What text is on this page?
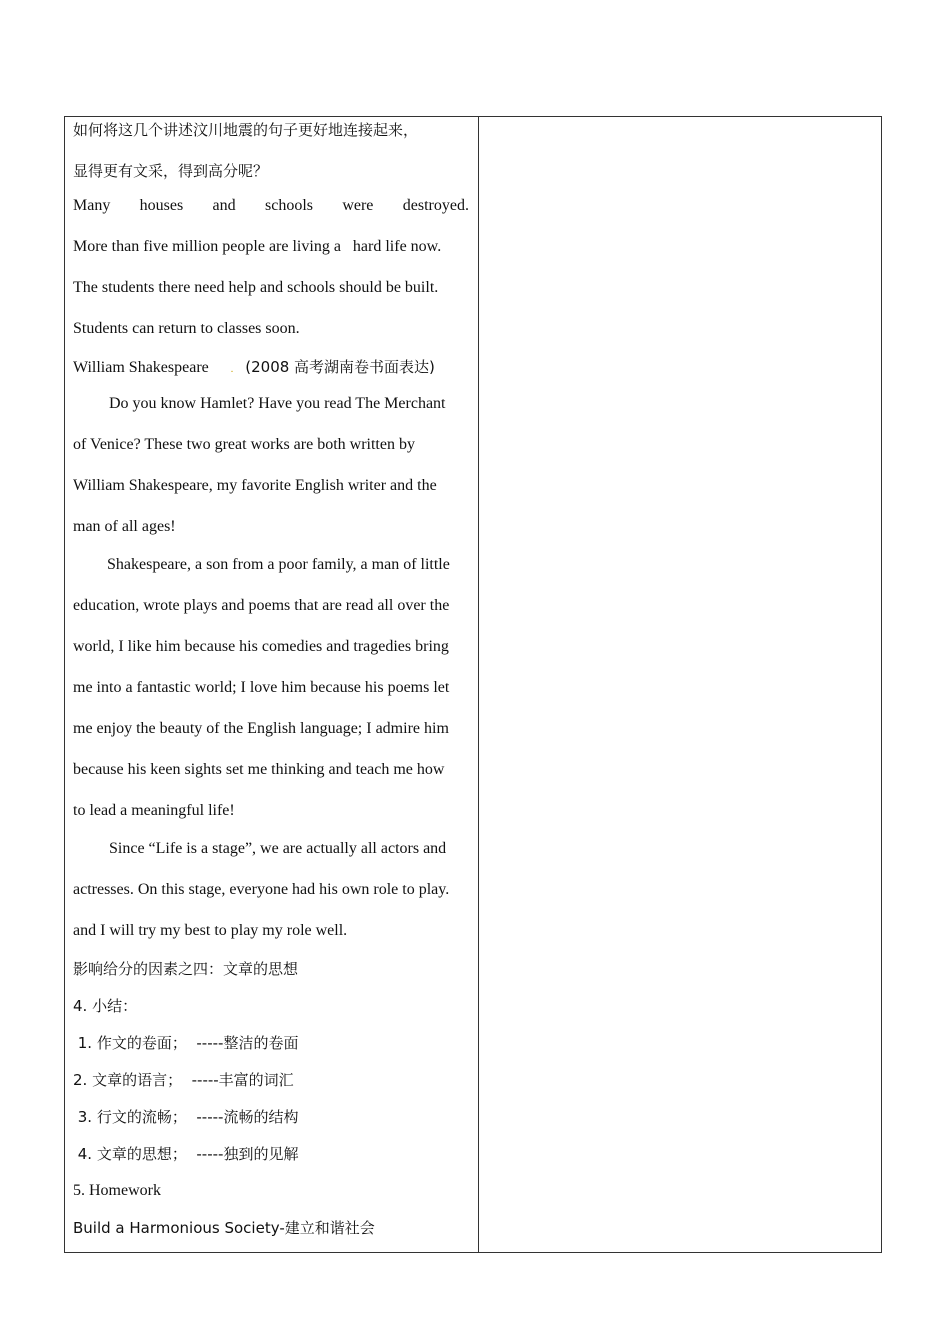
如何将这几个讲述汶川地震的句子更好地连接起来，
显得更有文采，得到高分呢？
Many houses and schools were destroyed.
More than five million people are living a   hard life now.
The students there need help and schools should be built.
Students can return to classes soon.
William Shakespeare . (2008 高考湖南卷书面表达)
Do you know Hamlet? Have you read The Merchant
of Venice? These two great works are both written by
William Shakespeare, my favorite English writer and the
man of all ages!
Shakespeare, a son from a poor family, a man of little
education, wrote plays and poems that are read all over the
world, I like him because his comedies and tragedies bring
me into a fantastic world; I love him because his poems let
me enjoy the beauty of the English language; I admire him
because his keen sights set me thinking and teach me how
to lead a meaningful life!
Since “Life is a stage”, we are actually all actors and
actresses. On this stage, everyone had his own role to play.
and I will try my best to play my role well.
影响给分的因素之四：文章的思想
4. 小结：
1. 作文的卷面；  -----整洁的卷面
2. 文章的语言；  -----丰富的词汇
3. 行文的流畅；  -----流畅的结构
4. 文章的思想；  -----独到的见解
5. Homework
Build a Harmonious Society-建立和谐社会
